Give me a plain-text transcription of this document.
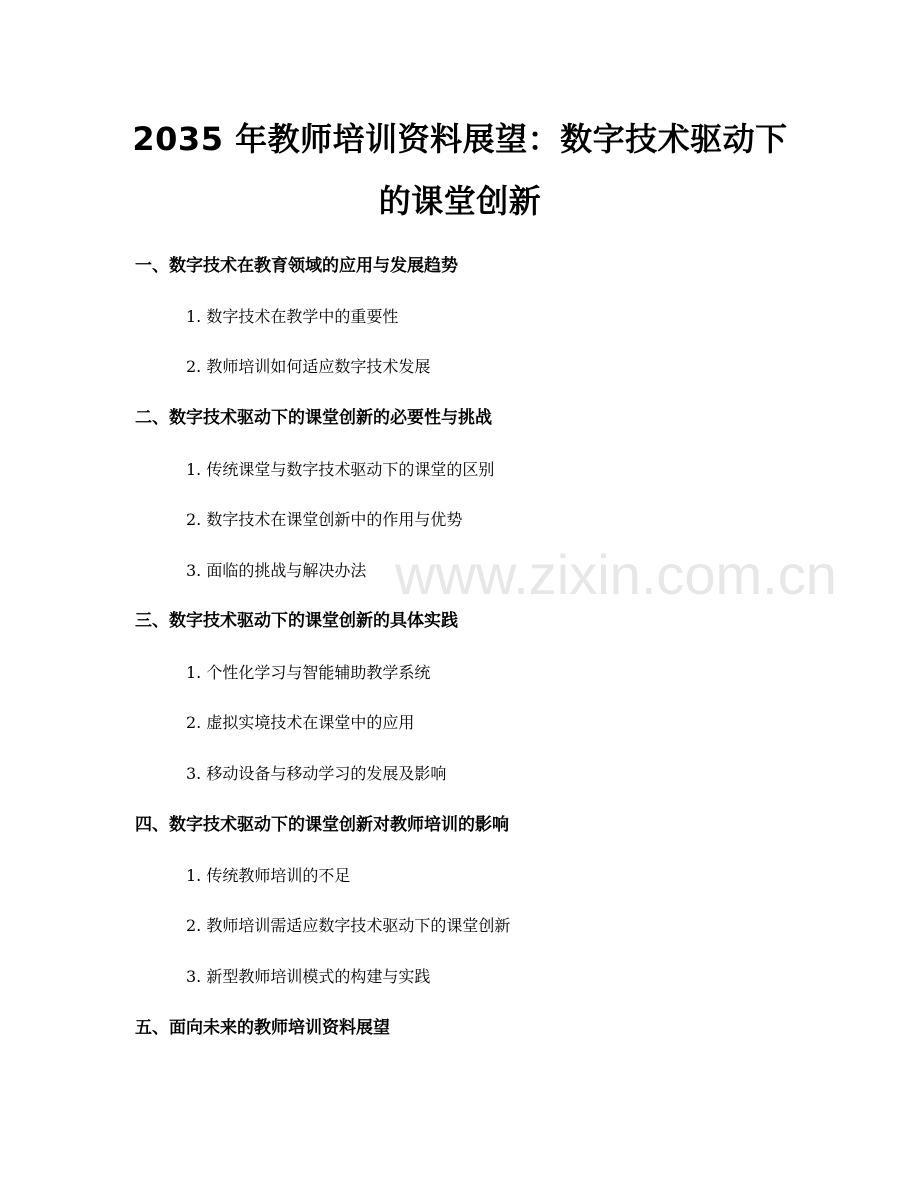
2035 年教师培训资料展望：数字技术驱动下的课堂创新
一、数字技术在教育领域的应用与发展趋势
1. 数字技术在教学中的重要性
2. 教师培训如何适应数字技术发展
二、数字技术驱动下的课堂创新的必要性与挑战
1. 传统课堂与数字技术驱动下的课堂的区别
2. 数字技术在课堂创新中的作用与优势
3. 面临的挑战与解决办法
三、数字技术驱动下的课堂创新的具体实践
1. 个性化学习与智能辅助教学系统
2. 虚拟实境技术在课堂中的应用
3. 移动设备与移动学习的发展及影响
四、数字技术驱动下的课堂创新对教师培训的影响
1. 传统教师培训的不足
2. 教师培训需适应数字技术驱动下的课堂创新
3. 新型教师培训模式的构建与实践
五、面向未来的教师培训资料展望
www.zixin.com.cn
